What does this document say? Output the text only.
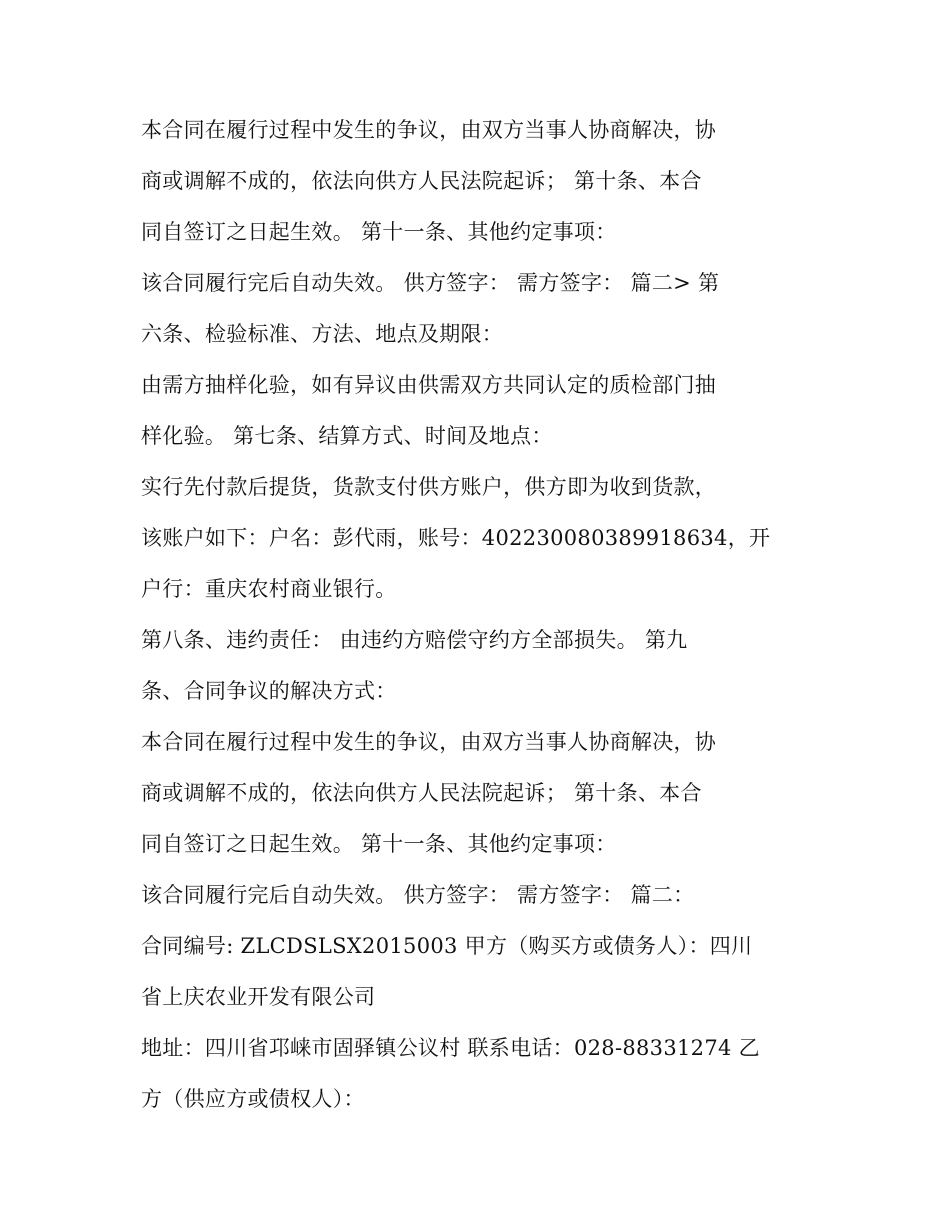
本合同在履行过程中发生的争议，由双方当事人协商解决，协
商或调解不成的，依法向供方人民法院起诉； 第十条、本合
同自签订之日起生效。 第十一条、其他约定事项：
该合同履行完后自动失效。 供方签字： 需方签字： 篇二> 第
六条、检验标准、方法、地点及期限：
由需方抽样化验，如有异议由供需双方共同认定的质检部门抽
样化验。 第七条、结算方式、时间及地点：
实行先付款后提货，货款支付供方账户，供方即为收到货款，
该账户如下：户名：彭代雨，账号：402230080389918634，开
户行：重庆农村商业银行。
第八条、违约责任： 由违约方赔偿守约方全部损失。 第九
条、合同争议的解决方式：
本合同在履行过程中发生的争议，由双方当事人协商解决，协
商或调解不成的，依法向供方人民法院起诉； 第十条、本合
同自签订之日起生效。 第十一条、其他约定事项：
该合同履行完后自动失效。 供方签字： 需方签字： 篇二：
合同编号: ZLCDSLSX2015003 甲方（购买方或债务人）：四川
省上庆农业开发有限公司
地址：四川省邛崃市固驿镇公议村 联系电话：028-88331274 乙
方（供应方或债权人）：
